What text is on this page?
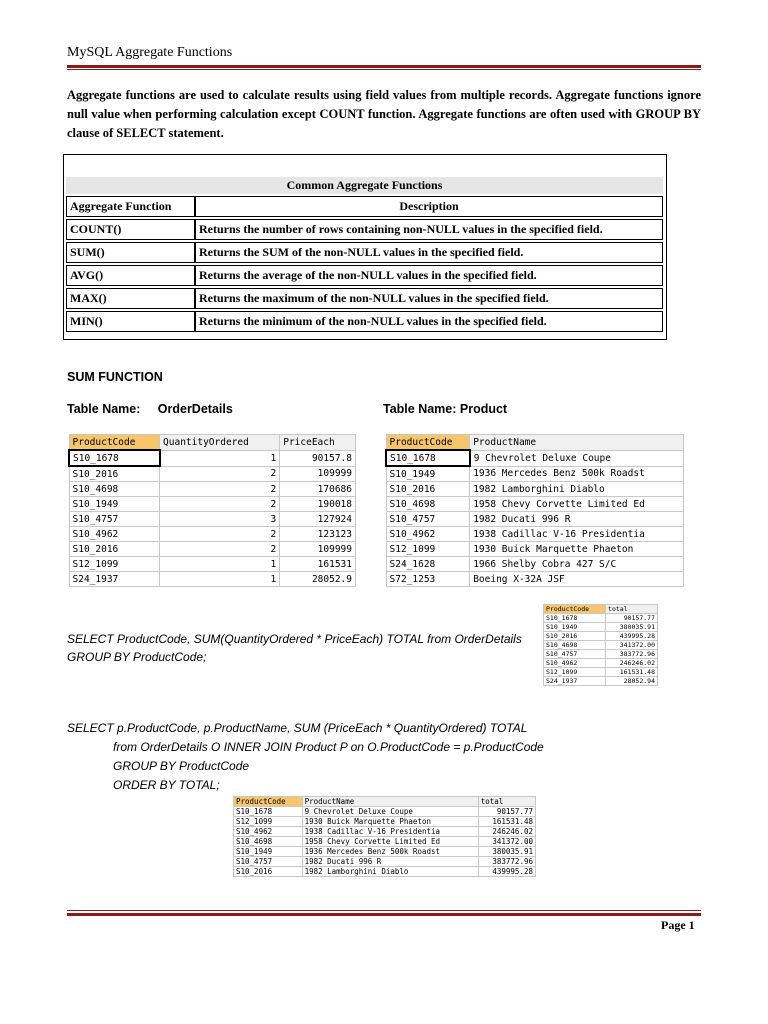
MySQL Aggregate Functions
Aggregate functions are used to calculate results using field values from multiple records. Aggregate functions ignore null value when performing calculation except COUNT function. Aggregate functions are often used with GROUP BY clause of SELECT statement.
Common Aggregate Functions	
Aggregate Function	Description
COUNT()	Returns the number of rows containing non-NULL values in the specified field.
SUM()	Returns the SUM of the non-NULL values in the specified field.
AVG()	Returns the average of the non-NULL values in the specified field.
MAX()	Returns the maximum of the non-NULL values in the specified field.
MIN()	Returns the minimum of the non-NULL values in the specified field.
SUM FUNCTION
Table Name:     OrderDetails	Table Name: Product
ProductCode	QuantityOrdered	PriceEach
S10_1678	1	90157.8
S10_2016	2	109999
S10_4698	2	170686
S10_1949	2	190018
S10_4757	3	127924
S10_4962	2	123123
S10_2016	2	109999
S12_1099	1	161531
S24_1937	1	28052.9
ProductCode	ProductName
S10_1678	9 Chevrolet Deluxe Coupe
S10_1949	1936 Mercedes Benz 500k Roadst
S10_2016	1982 Lamborghini Diablo
S10_4698	1958 Chevy Corvette Limited Ed
S10_4757	1982 Ducati 996 R
S10_4962	1938 Cadillac V-16 Presidentia
S12_1099	1930 Buick Marquette Phaeton
S24_1628	1966 Shelby Cobra 427 S/C
S72_1253	Boeing X-32A JSF
SELECT ProductCode, SUM(QuantityOrdered * PriceEach) TOTAL from OrderDetails
GROUP BY ProductCode;
ProductCode	total
S10_1678	90157.77
S10_1949	380035.91
S10_2016	439995.28
S10_4698	341372.00
S10_4757	383772.96
S10_4962	246246.02
S12_1099	161531.48
S24_1937	28052.94
SELECT p.ProductCode, p.ProductName, SUM (PriceEach * QuantityOrdered) TOTAL
from OrderDetails O INNER JOIN Product P on O.ProductCode = p.ProductCode
GROUP BY ProductCode
ORDER BY TOTAL;
ProductCode	ProductName	total
S10_1678	9 Chevrolet Deluxe Coupe	90157.77
S12_1099	1930 Buick Marquette Phaeton	161531.48
S10_4962	1938 Cadillac V-16 Presidentia	246246.02
S10_4698	1958 Chevy Corvette Limited Ed	341372.00
S10_1949	1936 Mercedes Benz 500k Roadst	380035.91
S10_4757	1982 Ducati 996 R	383772.96
S10_2016	1982 Lamborghini Diablo	439995.28
Page 1
